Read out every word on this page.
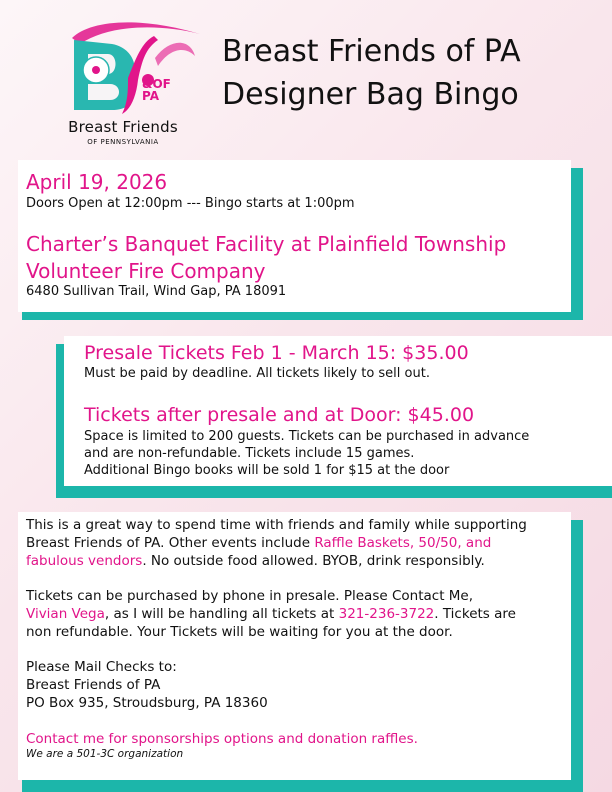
&OF PA
Breast Friends
OF PENNSYLVANIA
Breast Friends of PA
Designer Bag Bingo
April 19, 2026
Doors Open at 12:00pm --- Bingo starts at 1:00pm
Charter’s Banquet Facility at Plainfield Township
Volunteer Fire Company
6480 Sullivan Trail, Wind Gap, PA 18091
Presale Tickets Feb 1 - March 15: $35.00
Must be paid by deadline. All tickets likely to sell out.
Tickets after presale and at Door: $45.00
Space is limited to 200 guests. Tickets can be purchased in advance
and are non-refundable. Tickets include 15 games.
Additional Bingo books will be sold 1 for $15 at the door
This is a great way to spend time with friends and family while supporting
Breast Friends of PA. Other events include Raffle Baskets, 50/50, and
fabulous vendors. No outside food allowed. BYOB, drink responsibly.
Tickets can be purchased by phone in presale. Please Contact Me,
Vivian Vega, as I will be handling all tickets at 321-236-3722. Tickets are
non refundable. Your Tickets will be waiting for you at the door.
Please Mail Checks to:
Breast Friends of PA
PO Box 935, Stroudsburg, PA 18360
Contact me for sponsorships options and donation raffles.
We are a 501-3C organization
